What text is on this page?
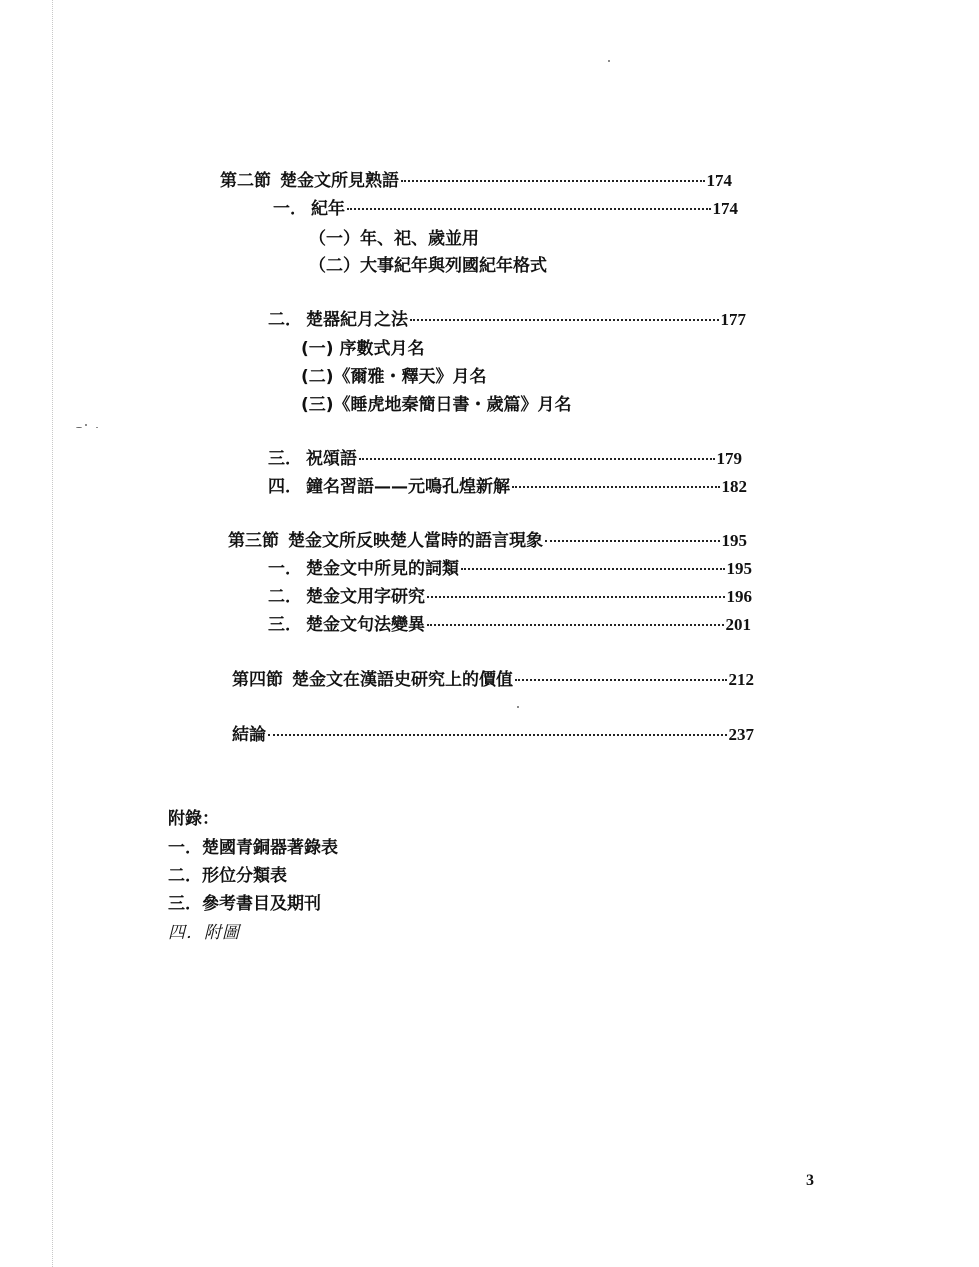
第二節 楚金文所見熟語	174
一． 紀年	174
（一）年、祀、歲並用
（二）大事紀年與列國紀年格式
二． 楚器紀月之法	177
(一) 序數式月名
(二)《爾雅・釋天》月名
(三)《睡虎地秦簡日書・歲篇》月名
三． 祝頌語	179
四． 鐘名習語——元鳴孔煌新解	182
第三節 楚金文所反映楚人當時的語言現象	195
一． 楚金文中所見的詞類	195
二． 楚金文用字研究	196
三． 楚金文句法變異	201
第四節 楚金文在漢語史研究上的價值	212
結論	237
附錄：
一．楚國青銅器著錄表
二．形位分類表
三．參考書目及期刊
四．附圖
3
